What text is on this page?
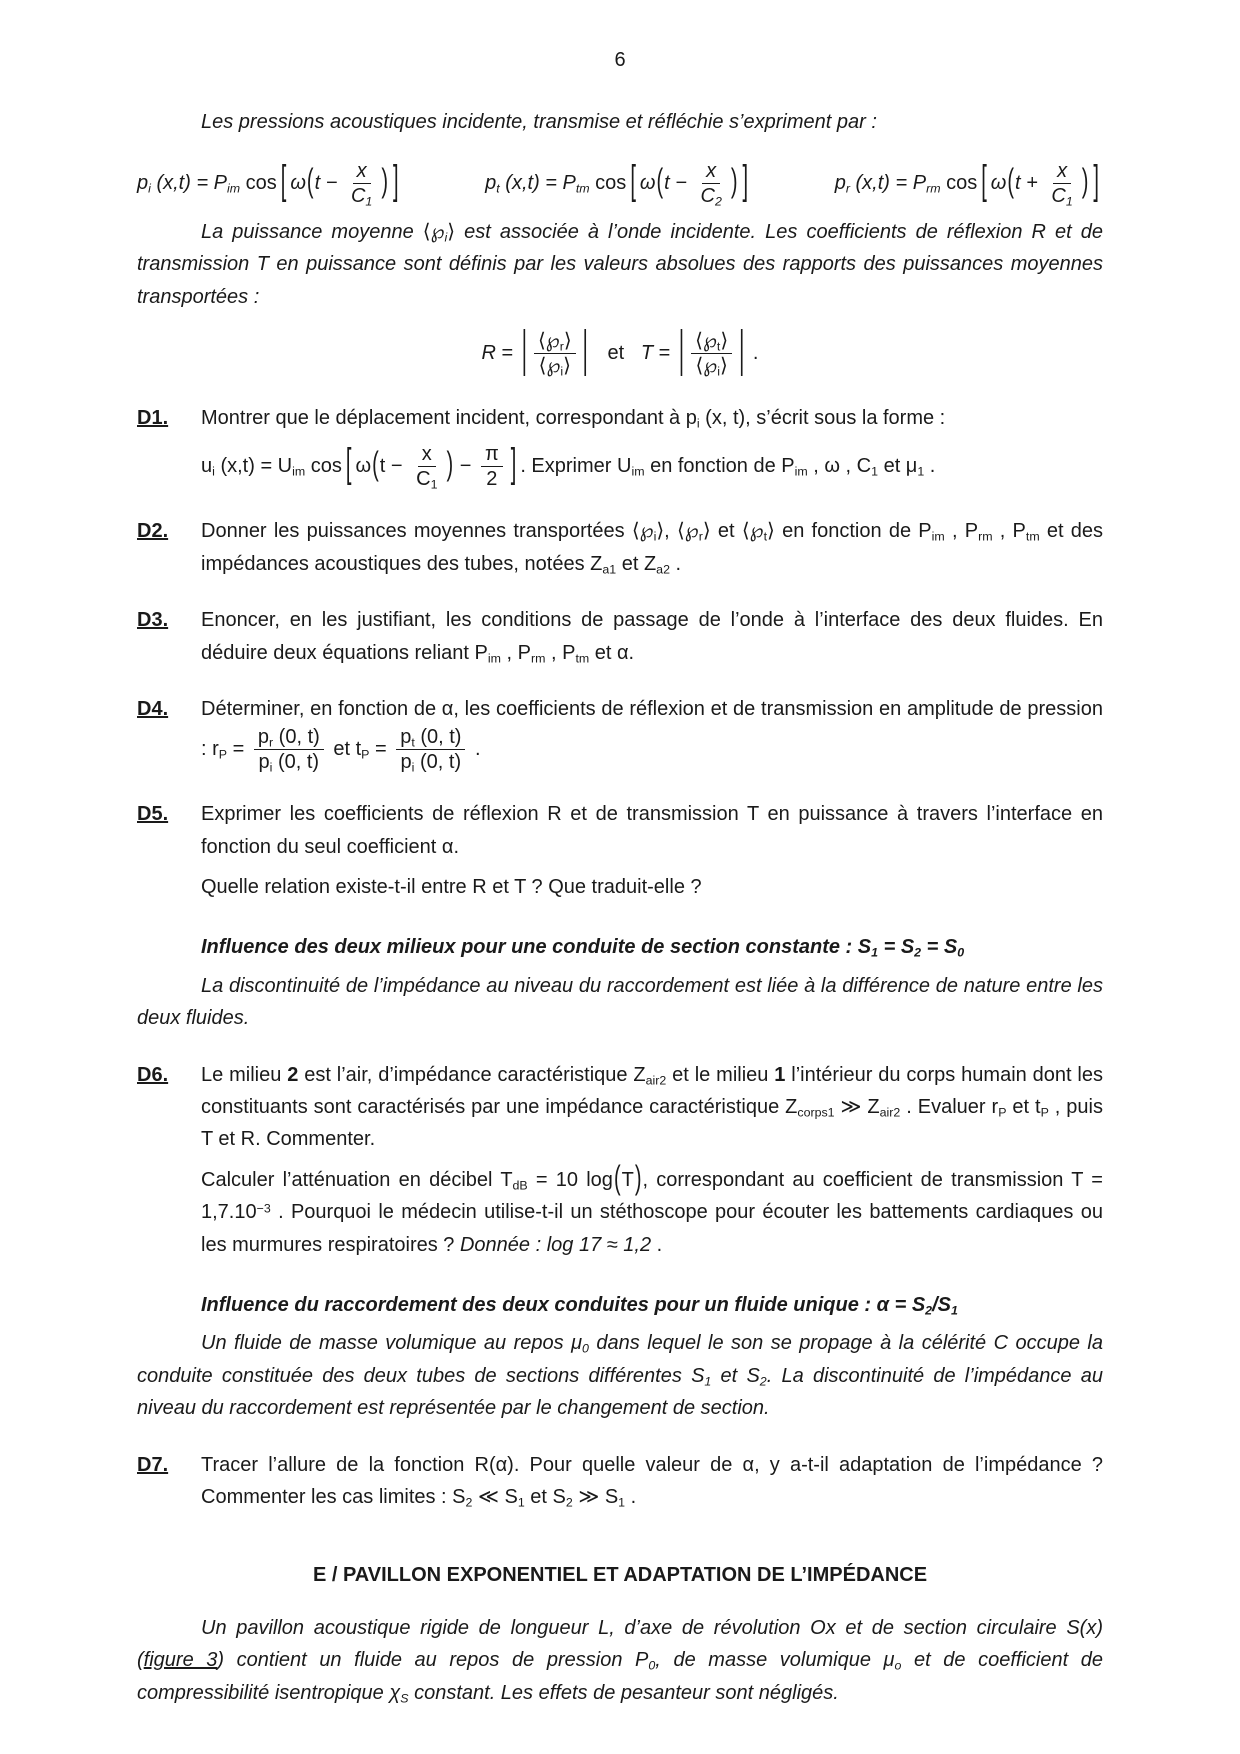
6

Les pressions acoustiques incidente, transmise et réfléchie s’expriment par :

$p_i$ $(x,t) = P_{im}$ cos [ $\omega(t - \frac{x}{C_1}$ ) ]	$p_t$ $(x,t) = P_{tm}$ cos [ $\omega(t - \frac{x}{C_2}$ ) ]	$p_r$ $(x,t) = P_{rm}$ cos [ $\omega(t + \frac{x}{C_1}$ ) ]

La puissance moyenne $⟨℘_i⟩$ est associée à l’onde incidente. Les coefficients de réflexion R et de transmission T en puissance sont définis par les valeurs absolues des rapports des puissances moyennes transportées :

R = | $\frac{⟨℘_r⟩}{⟨℘_i⟩}$ |   et   T = | $\frac{⟨℘_t⟩}{⟨℘_i⟩}$ | .
D1.	Montrer que le déplacement incident, correspondant à $p_i$ (x, t), s’écrit sous la forme :

$u_i$ $(x,t) = U_{im}$ cos [ $\omega(t - \frac{x}{C_1}$ ) − $\frac{\pi}{2}$ ] . Exprimer $U_{im}$ en fonction de $P_{im}$ , ω , $C_1$ et $\mu_1$ .

D2.	Donner les puissances moyennes transportées $⟨℘_i⟩$, $⟨℘_r⟩$ et $⟨℘_t⟩$ en fonction de $P_{im}$ , $P_{rm}$ , $P_{tm}$ et des impédances acoustiques des tubes, notées $Z_{a1}$ et $Z_{a2}$ .

D3.	Enoncer, en les justifiant, les conditions de passage de l’onde à l’interface des deux fluides. En déduire deux équations reliant $P_{im}$ , $P_{rm}$ , $P_{tm}$ et α.

D4.	Déterminer, en fonction de α, les coefficients de réflexion et de transmission en amplitude de pression : $r_P = \frac{p_r (0, t)}{p_i (0, t)}$ et $t_P = \frac{p_t (0, t)}{p_i (0, t)}$ .

D5.	Exprimer les coefficients de réflexion R et de transmission T en puissance à travers l’interface en fonction du seul coefficient α.

Quelle relation existe-t-il entre R et T ? Que traduit-elle ?

Influence des deux milieux pour une conduite de section constante : $S_1 = S_2 = S_0$

La discontinuité de l’impédance au niveau du raccordement est liée à la différence de nature entre les deux fluides.

D6.	Le milieu 2 est l’air, d’impédance caractéristique $Z_{air2}$ et le milieu 1 l’intérieur du corps humain dont les constituants sont caractérisés par une impédance caractéristique $Z_{corps1}$ ≫ $Z_{air2}$ . Evaluer $r_P$ et $t_P$ , puis T et R. Commenter.

Calculer l’atténuation en décibel $T_{dB} = 10$ log(T), correspondant au coefficient de transmission $T = 1,7.10^{-3}$ . Pourquoi le médecin utilise-t-il un stéthoscope pour écouter les battements cardiaques ou les murmures respiratoires ? Donnée : log 17 ≈ 1,2 .

Influence du raccordement des deux conduites pour un fluide unique : $\alpha = S_2/S_1$

Un fluide de masse volumique au repos $\mu_0$ dans lequel le son se propage à la célérité C occupe la conduite constituée des deux tubes de sections différentes $S_1$ et $S_2$. La discontinuité de l’impédance au niveau du raccordement est représentée par le changement de section.

D7.	Tracer l’allure de la fonction R(α). Pour quelle valeur de α, y a-t-il adaptation de l’impédance ? Commenter les cas limites : $S_2$ ≪ $S_1$ et $S_2$ ≫ $S_1$ .

E / PAVILLON EXPONENTIEL ET ADAPTATION DE L’IMPÉDANCE

Un pavillon acoustique rigide de longueur L, d’axe de révolution Ox et de section circulaire S(x) (figure 3) contient un fluide au repos de pression $P_0$, de masse volumique $\mu_o$ et de coefficient de compressibilité isentropique $\chi_S$ constant. Les effets de pesanteur sont négligés.
